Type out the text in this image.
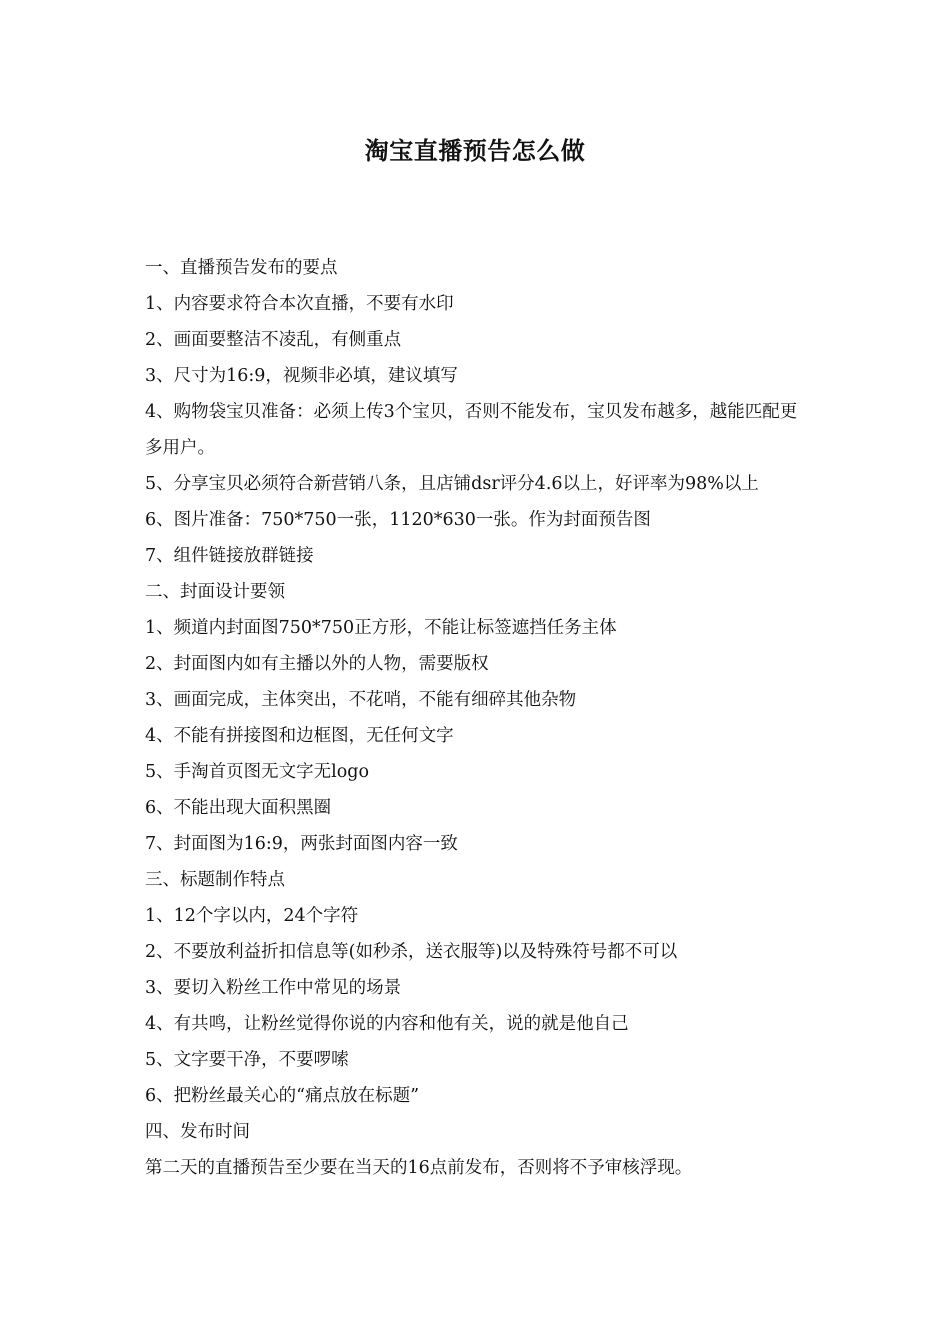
淘宝直播预告怎么做

一、直播预告发布的要点

1、内容要求符合本次直播，不要有水印

2、画面要整洁不凌乱，有侧重点

3、尺寸为16:9，视频非必填，建议填写

4、购物袋宝贝准备：必须上传3个宝贝，否则不能发布，宝贝发布越多，越能匹配更多用户。

5、分享宝贝必须符合新营销八条，且店铺dsr评分4.6以上，好评率为98%以上

6、图片准备：750*750一张，1120*630一张。作为封面预告图

7、组件链接放群链接

二、封面设计要领

1、频道内封面图750*750正方形，不能让标签遮挡任务主体

2、封面图内如有主播以外的人物，需要版权

3、画面完成，主体突出，不花哨，不能有细碎其他杂物

4、不能有拼接图和边框图，无任何文字

5、手淘首页图无文字无logo

6、不能出现大面积黑圈

7、封面图为16:9，两张封面图内容一致

三、标题制作特点

1、12个字以内，24个字符

2、不要放利益折扣信息等(如秒杀，送衣服等)以及特殊符号都不可以

3、要切入粉丝工作中常见的场景

4、有共鸣，让粉丝觉得你说的内容和他有关，说的就是他自己

5、文字要干净，不要啰嗦

6、把粉丝最关心的“痛点放在标题”

四、发布时间

第二天的直播预告至少要在当天的16点前发布，否则将不予审核浮现。
